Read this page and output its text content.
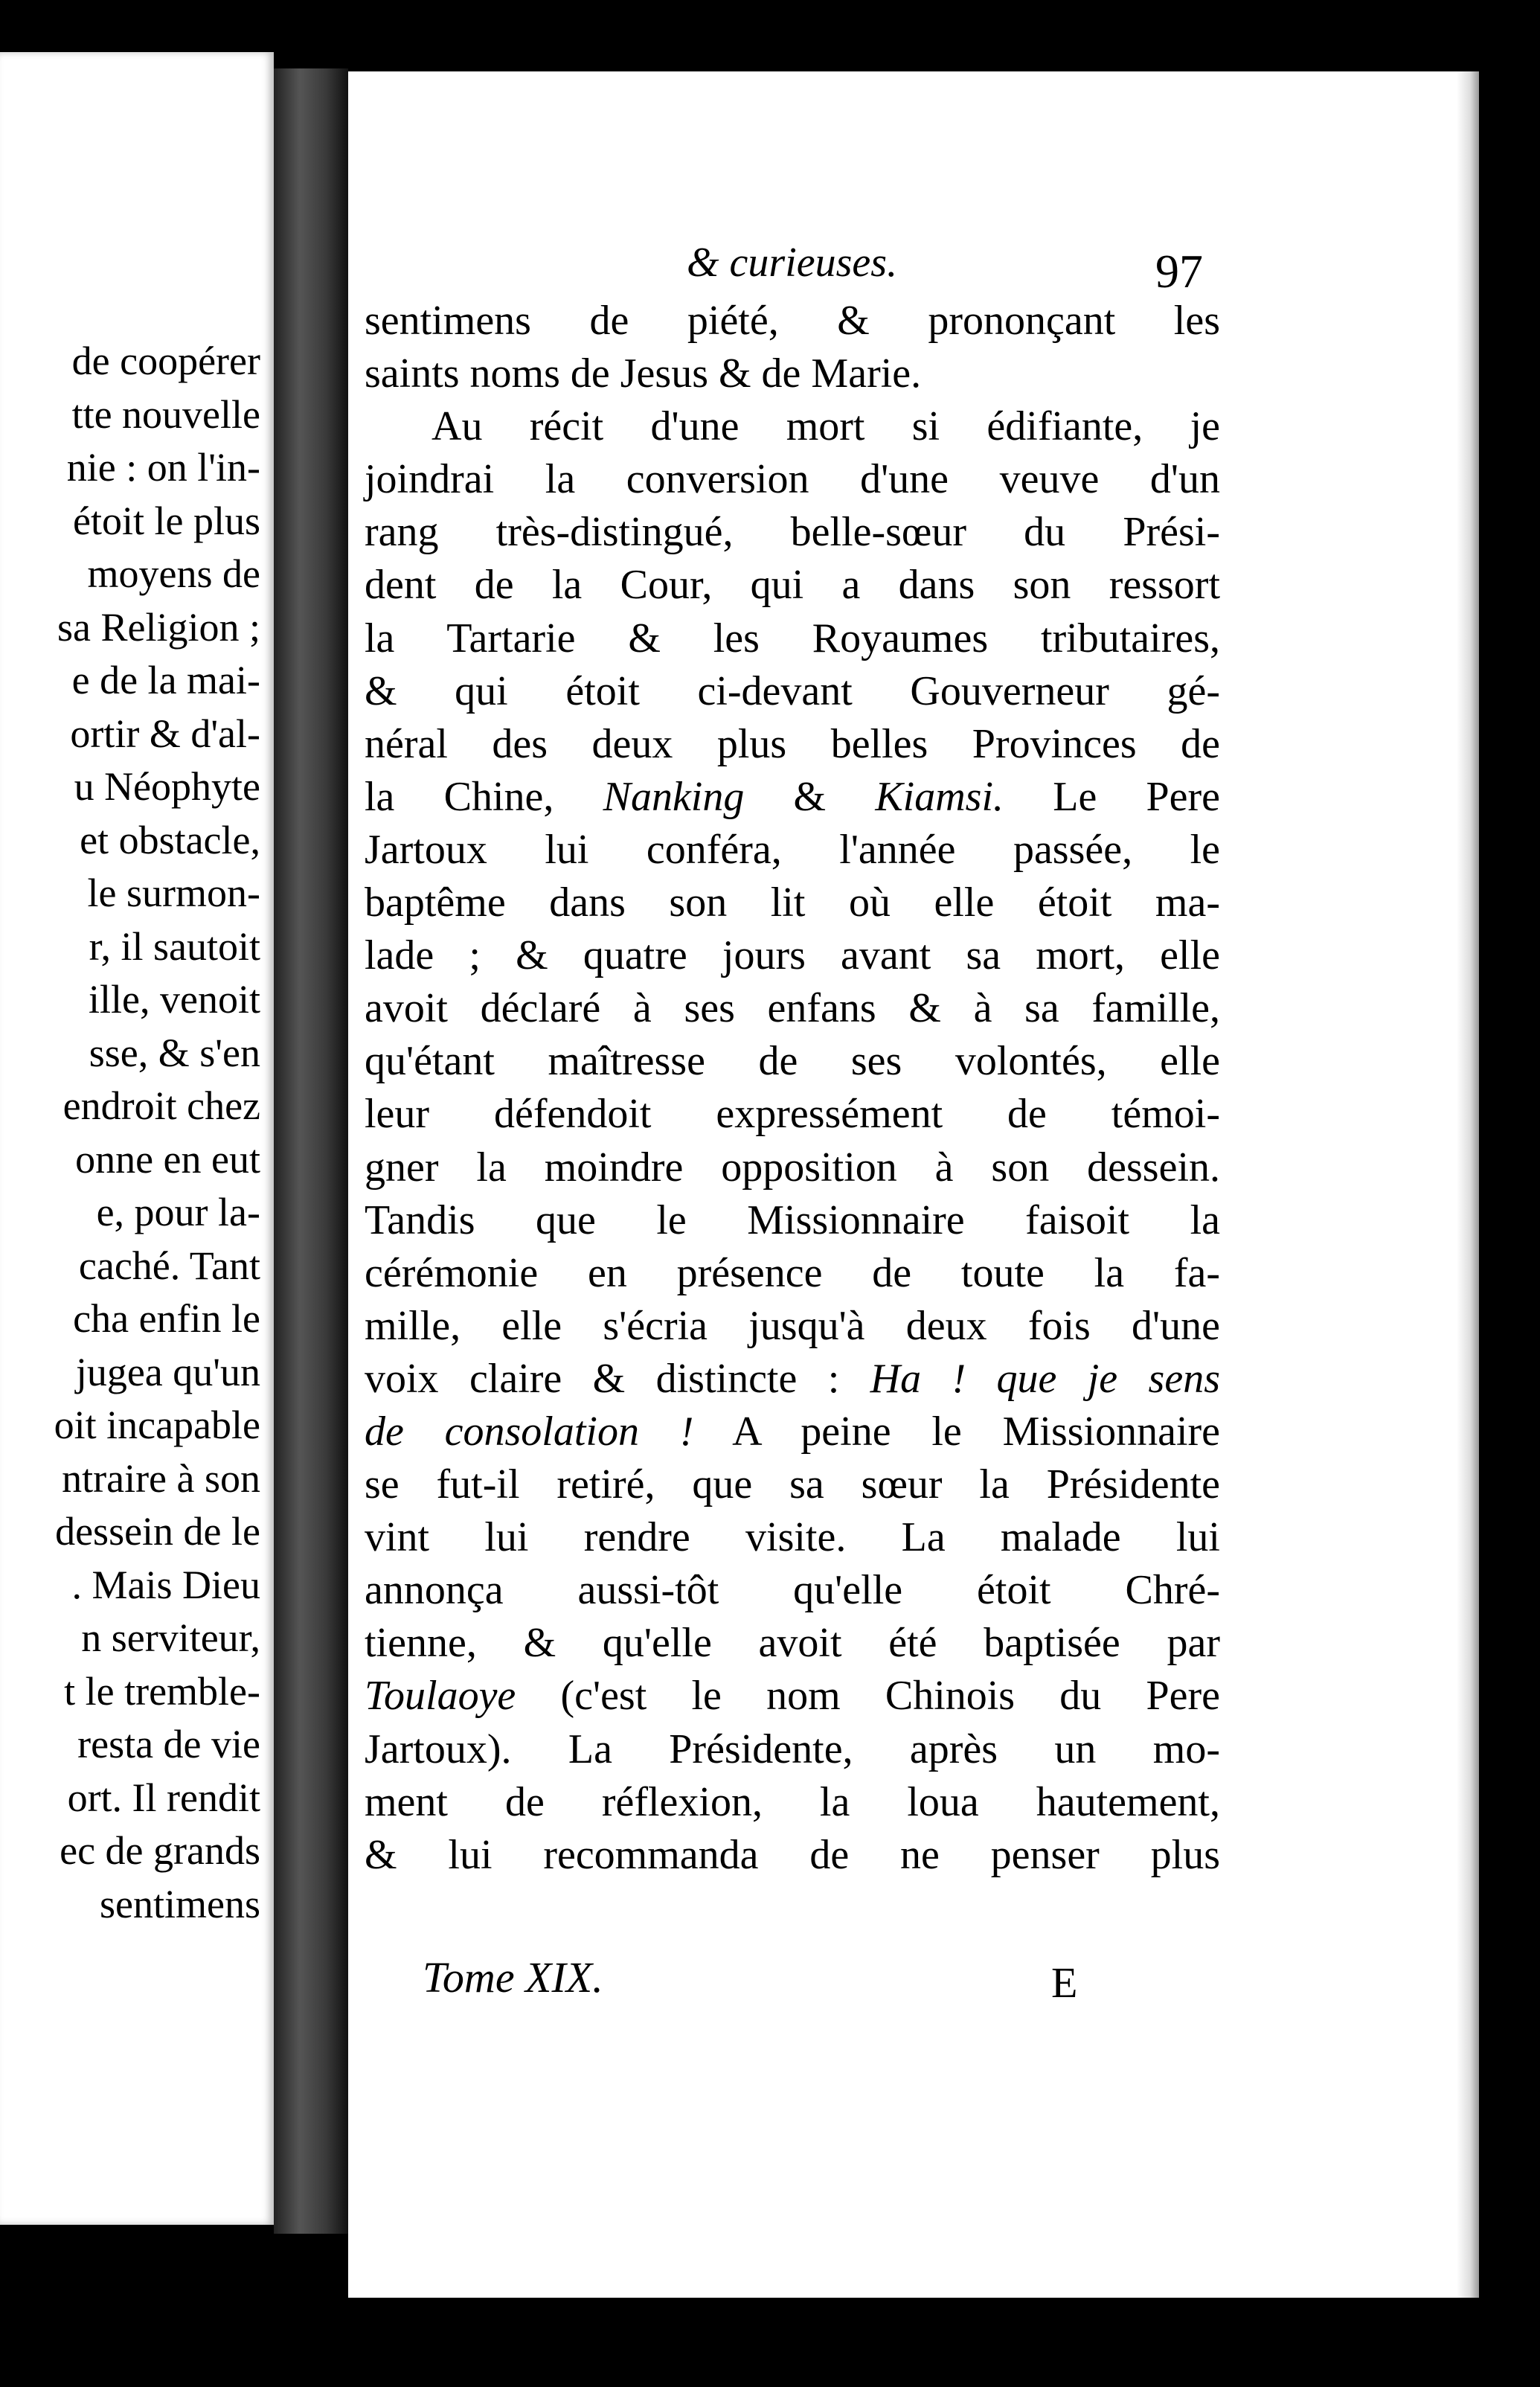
de coopérer
tte nouvelle
nie : on l'in-
étoit le plus
moyens de
sa Religion ;
e de la mai-
ortir & d'al-
u Néophyte
et obstacle,
le surmon-
r, il sautoit
ille, venoit
sse, & s'en
endroit chez
onne en eut
e, pour la-
caché. Tant
cha enfin le
jugea qu'un
oit incapable
ntraire à son
dessein de le
. Mais Dieu
n serviteur,
t le tremble-
resta de vie
ort. Il rendit
ec de grands
sentimens
& curieuses.	97
sentimens de piété, & prononçant les
saints noms de Jesus & de Marie.
Au récit d'une mort si édifiante, je
joindrai la conversion d'une veuve d'un
rang très-distingué, belle-sœur du Prési-
dent de la Cour, qui a dans son ressort
la Tartarie & les Royaumes tributaires,
& qui étoit ci-devant Gouverneur gé-
néral des deux plus belles Provinces de
la Chine, Nanking & Kiamsi. Le Pere
Jartoux lui conféra, l'année passée, le
baptême dans son lit où elle étoit ma-
lade ; & quatre jours avant sa mort, elle
avoit déclaré à ses enfans & à sa famille,
qu'étant maîtresse de ses volontés, elle
leur défendoit expressément de témoi-
gner la moindre opposition à son dessein.
Tandis que le Missionnaire faisoit la
cérémonie en présence de toute la fa-
mille, elle s'écria jusqu'à deux fois d'une
voix claire & distincte : Ha ! que je sens
de consolation ! A peine le Missionnaire
se fut-il retiré, que sa sœur la Présidente
vint lui rendre visite. La malade lui
annonça aussi-tôt qu'elle étoit Chré-
tienne, & qu'elle avoit été baptisée par
Toulaoye (c'est le nom Chinois du Pere
Jartoux). La Présidente, après un mo-
ment de réflexion, la loua hautement,
& lui recommanda de ne penser plus
Tome XIX.	E
